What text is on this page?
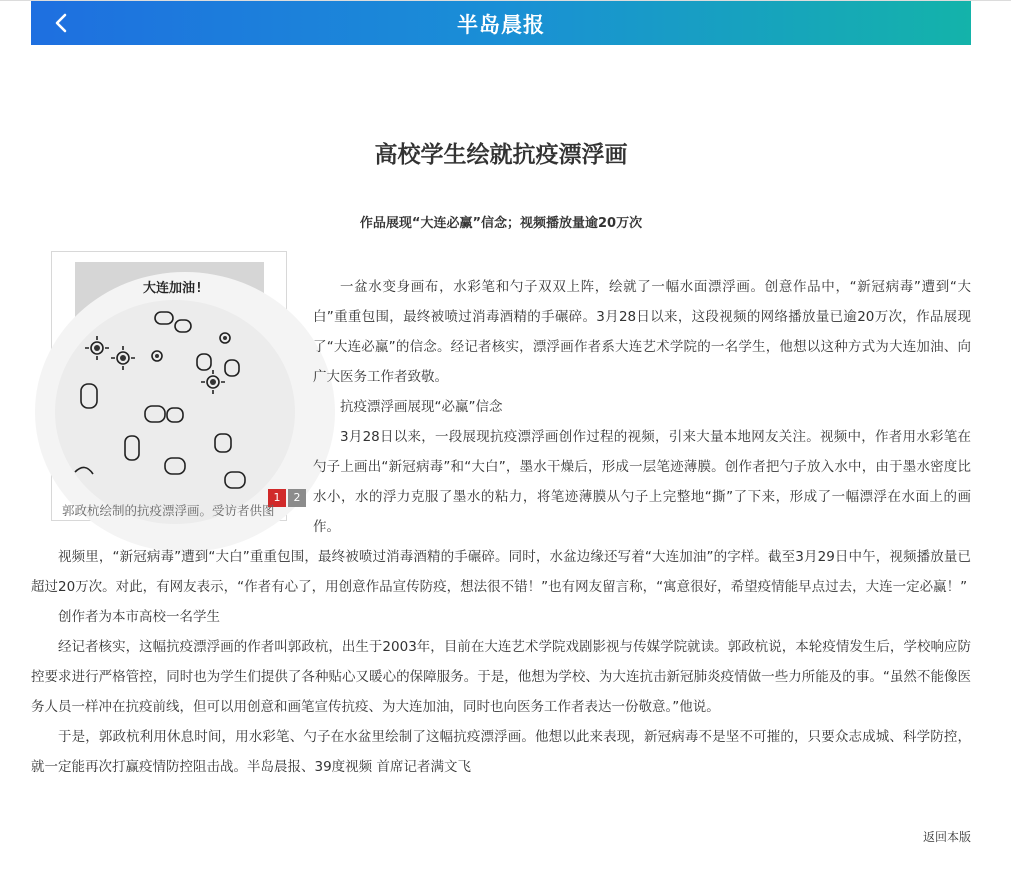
半岛晨报
高校学生绘就抗疫漂浮画
作品展现“大连必赢”信念；视频播放量逾20万次
大连加油!
1	2
郭政杭绘制的抗疫漂浮画。受访者供图

一盆水变身画布，水彩笔和勺子双双上阵，绘就了一幅水面漂浮画。创意作品中，“新冠病毒”遭到“大白”重重包围，最终被喷过消毒酒精的手碾碎。3月28日以来，这段视频的网络播放量已逾20万次，作品展现了“大连必赢”的信念。经记者核实，漂浮画作者系大连艺术学院的一名学生，他想以这种方式为大连加油、向广大医务工作者致敬。

抗疫漂浮画展现“必赢”信念

3月28日以来，一段展现抗疫漂浮画创作过程的视频，引来大量本地网友关注。视频中，作者用水彩笔在勺子上画出“新冠病毒”和“大白”，墨水干燥后，形成一层笔迹薄膜。创作者把勺子放入水中，由于墨水密度比水小，水的浮力克服了墨水的粘力，将笔迹薄膜从勺子上完整地“撕”了下来，形成了一幅漂浮在水面上的画作。

视频里，“新冠病毒”遭到“大白”重重包围，最终被喷过消毒酒精的手碾碎。同时，水盆边缘还写着“大连加油”的字样。截至3月29日中午，视频播放量已超过20万次。对此，有网友表示，“作者有心了，用创意作品宣传防疫，想法很不错！”也有网友留言称，“寓意很好，希望疫情能早点过去，大连一定必赢！”

创作者为本市高校一名学生

经记者核实，这幅抗疫漂浮画的作者叫郭政杭，出生于2003年，目前在大连艺术学院戏剧影视与传媒学院就读。郭政杭说，本轮疫情发生后，学校响应防控要求进行严格管控，同时也为学生们提供了各种贴心又暖心的保障服务。于是，他想为学校、为大连抗击新冠肺炎疫情做一些力所能及的事。“虽然不能像医务人员一样冲在抗疫前线，但可以用创意和画笔宣传抗疫、为大连加油，同时也向医务工作者表达一份敬意。”他说。

于是，郭政杭利用休息时间，用水彩笔、勺子在水盆里绘制了这幅抗疫漂浮画。他想以此来表现，新冠病毒不是坚不可摧的，只要众志成城、科学防控，就一定能再次打赢疫情防控阻击战。半岛晨报、39度视频 首席记者满文飞

返回本版
